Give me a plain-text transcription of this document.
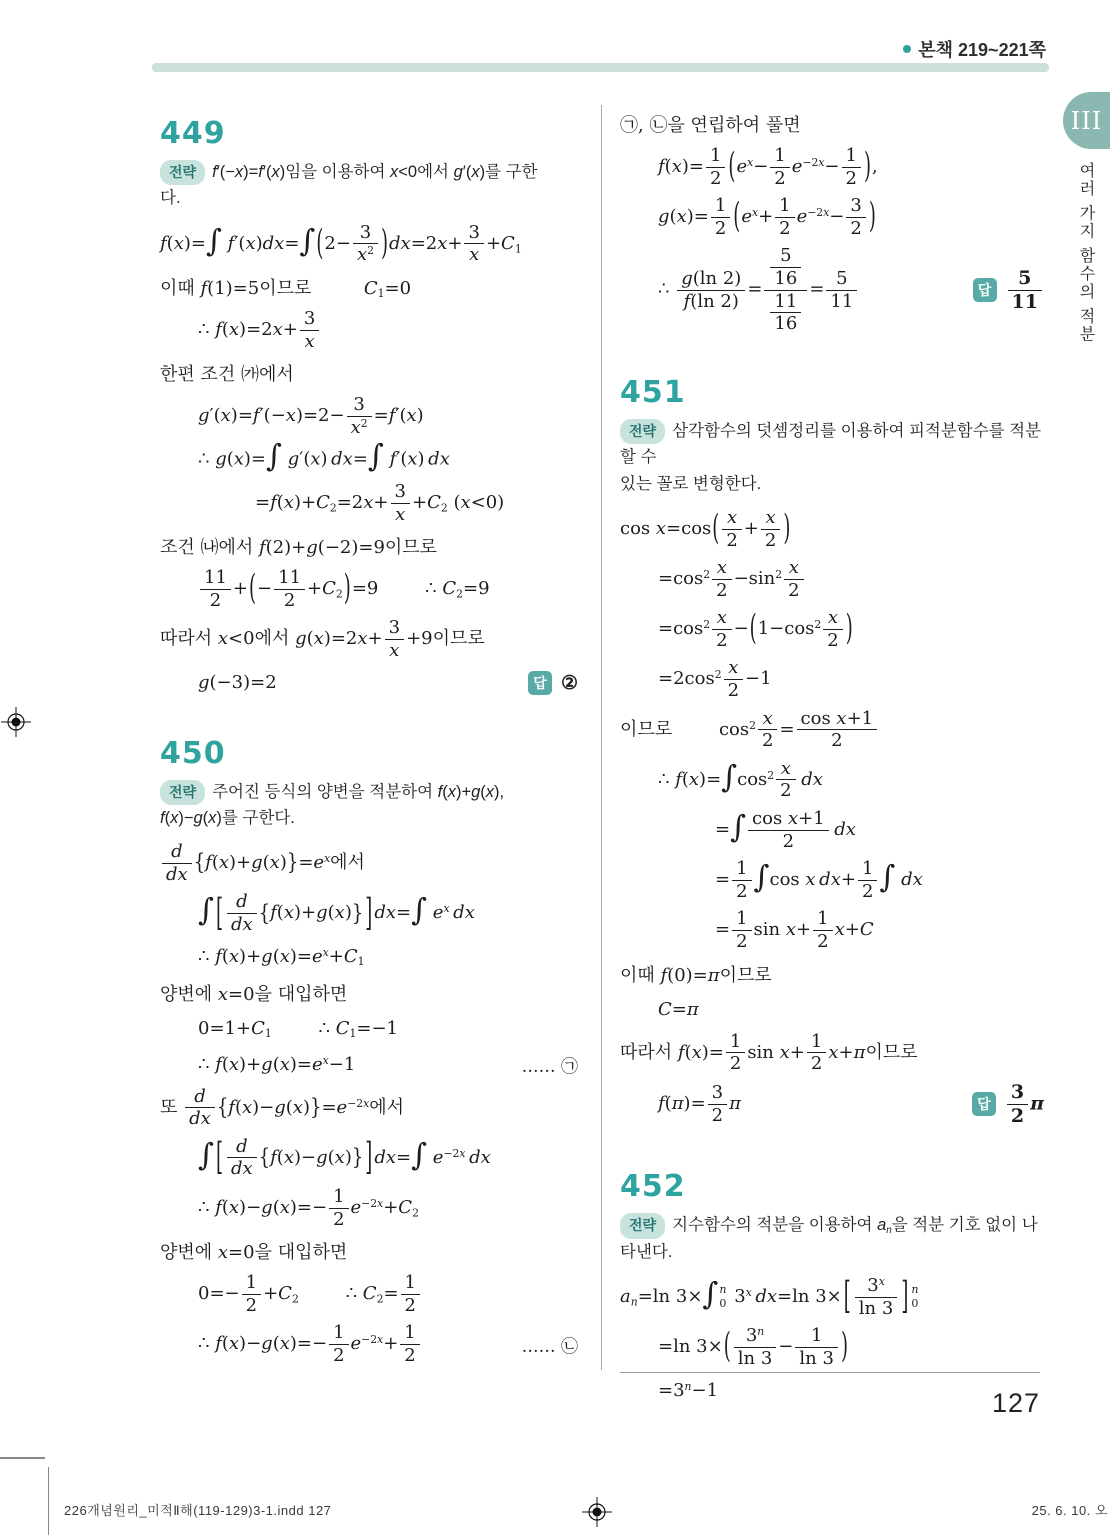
본책 219~221쪽
III
여러 가지 함수의 적분
449
전략 f′(−x)=f′(x)임을 이용하여 x<0에서 g′(x)를 구한
다.
f(x)=∫ $f'(x)dx=\int(2- \frac{3}{x^2} )dx=2x+ \frac{3}{x} +C_1$
이때 f(1)=5이므로	$C_1=0$
∴ $f(x)=2x+ \frac{3}{x}$
한편 조건 ㈎에서
$g'(x)=f'(-x)=2- \frac{3}{x^2} =f'(x)$
∴ g(x)=∫ g′(x) dx=∫ f′(x) dx
$=f(x)+C_2=2x+ \frac{3}{x} +C_2$ (x<0)
조건 ㈏에서 f(2)+g(−2)=9이므로
$\frac{11}{2}$ +(− $\frac{11}{2} +C_2)=9$	∴ $C_2=9$
따라서 x<0에서 $g(x)=2x+ \frac{3}{x} +9$이므로
g(−3)=2	답 ②
450
전략 주어진 등식의 양변을 적분하여 f(x)+g(x),
f(x)−g(x)를 구한다.
$\frac{d}{dx} \{f(x)+g(x)\}=e^x$에서
∫ [ $\frac{d}{dx} \{f(x)+g(x)\}$ ] dx=∫ $e^x$  dx
∴ $f(x)+g(x)=e^x+C_1$
양변에 x=0을 대입하면
$0=1+C_1$	∴ $C_1=-1$
∴ $f(x)+g(x)=e^x-1$	…… ㉠
또 $\frac{d}{dx} \{f(x)-g(x)\}=e^{-2x}$에서
∫ [ $\frac{d}{dx} \{f(x)-g(x)\}$ ] dx=∫ $e^{-2x}$  dx
∴ $f(x)-g(x)=- \frac{1}{2} e^{-2x}+C_2$
양변에 x=0을 대입하면
$0=- \frac{1}{2} +C_2$	∴ $C_2= \frac{1}{2}$
∴ $f(x)-g(x)=- \frac{1}{2} e^{-2x}+ \frac{1}{2}$	…… ㉡
㉠, ㉡을 연립하여 풀면
$f(x)= \frac{1}{2} (e^x- \frac{1}{2} e^{-2x}- \frac{1}{2}$ ),
$g(x)= \frac{1}{2} (e^x+ \frac{1}{2} e^{-2x}- \frac{3}{2}$ )
∴ $\frac{g(\ln 2)}{f(\ln 2)} = \frac{\frac{5}{16}}{\frac{11}{16}} = \frac{5}{11}$	답 $\frac{5}{11}$
451
전략 삼각함수의 덧셈정리를 이용하여 피적분함수를 적분할 수
있는 꼴로 변형한다.
$\cos x=\cos( \frac{x}{2} + \frac{x}{2}$ )
$=\cos^2 \frac{x}{2} -\sin^2 \frac{x}{2}$
$=\cos^2 \frac{x}{2} -(1-\cos^2 \frac{x}{2}$ )
$=2\cos^2 \frac{x}{2} -1$
이므로	$\cos^2 \frac{x}{2} = \frac{\text{cos x+1}}{2}$
∴ $f(x)=\int\cos^2 \frac{x}{2}$
  dx
=∫ $\frac{\text{cos x+1}}{2}$
  dx
= $\frac{1}{2} \int\cos$ x  $dx+ \frac{1}{2}$ ∫ dx
= $\frac{1}{2}$ $\sin x+ \frac{1}{2} x+C$
이때 f(0)=π이므로
C=π
따라서 $f(x)= \frac{1}{2}$ $\sin x+ \frac{1}{2} x+\pi$이므로
$f(\pi)= \frac{3}{2}$ π	답 $\frac{3}{2}$ π
452
전략 지수함수의 적분을 이용하여 $a_n$을 적분 기호 없이 나타낸다.
$a_n=\ln$ 3×∫ n
0 3$^x$  dx=ln 3× [ $\frac{3^x}{\ln 3}$ ] n
0
=ln $3\times( \frac{3^n}{\ln 3} - \frac{1}{\ln 3}$ )
$=3^n-1$	127
226개념원리_미적Ⅱ해(119-129)3-1.indd 127	25. 6. 10. 오
